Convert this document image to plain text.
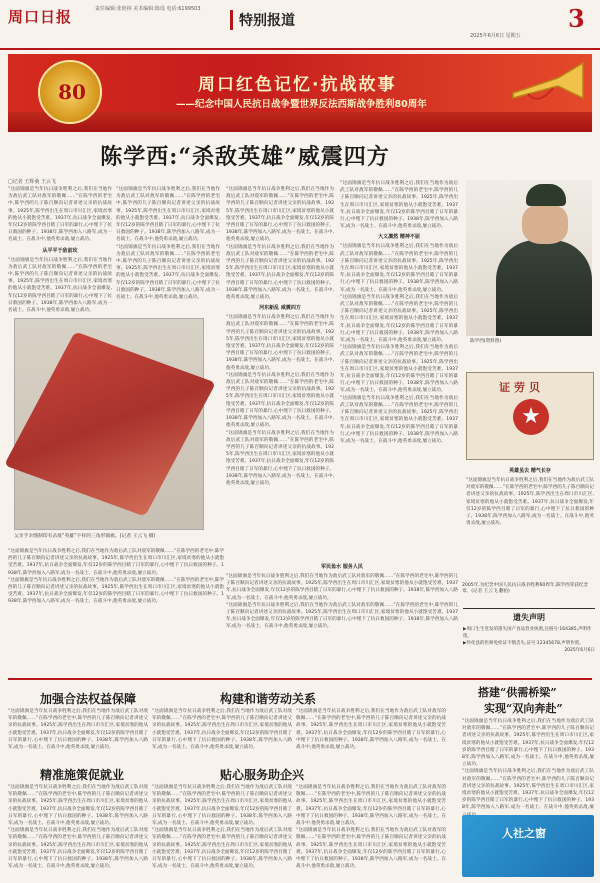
周口日报	责任编辑:张艳林 美术编辑:陈瑶 电话:6199503
特别报道
2025年6月6日 星期五
3
80	周口红色记忆·抗战故事
——纪念中国人民抗日战争暨世界反法西斯战争胜利80周年
陈学西:“杀敌英雄”威震四方
□记者 王辉桑 王云飞
“这面锦旗是当年抗日战争胜利之后,我们在当地作为敌后武工队对敌军的敬佩……”在陈学西的老宅中,陈学西的儿子陈百顺向记者讲述父亲的抗战故事。1925年,陈学西出生在周口市川汇区,家境贫寒的他从小就饱受苦难。1937年,抗日战争全面爆发,年仅12岁的陈学西目睹了日军的暴行,心中埋下了抗日救国的种子。1938年,陈学西加入八路军,成为一名战士。在战斗中,他英勇杀敌,屡立战功。
从平平于敌前玫
“这面锦旗是当年抗日战争胜利之后,我们在当地作为敌后武工队对敌军的敬佩……”在陈学西的老宅中,陈学西的儿子陈百顺向记者讲述父亲的抗战故事。1925年,陈学西出生在周口市川汇区,家境贫寒的他从小就饱受苦难。1937年,抗日战争全面爆发,年仅12岁的陈学西目睹了日军的暴行,心中埋下了抗日救国的种子。1938年,陈学西加入八路军,成为一名战士。在战斗中,他英勇杀敌,屡立战功。
“这面锦旗是当年抗日战争胜利之后,我们在当地作为敌后武工队对敌军的敬佩……”在陈学西的老宅中,陈学西的儿子陈百顺向记者讲述父亲的抗战故事。1925年,陈学西出生在周口市川汇区,家境贫寒的他从小就饱受苦难。1937年,抗日战争全面爆发,年仅12岁的陈学西目睹了日军的暴行,心中埋下了抗日救国的种子。1938年,陈学西加入八路军,成为一名战士。在战斗中,他英勇杀敌,屡立战功。
“这面锦旗是当年抗日战争胜利之后,我们在当地作为敌后武工队对敌军的敬佩……”在陈学西的老宅中,陈学西的儿子陈百顺向记者讲述父亲的抗战故事。1925年,陈学西出生在周口市川汇区,家境贫寒的他从小就饱受苦难。1937年,抗日战争全面爆发,年仅12岁的陈学西目睹了日军的暴行,心中埋下了抗日救国的种子。1938年,陈学西加入八路军,成为一名战士。在战斗中,他英勇杀敌,屡立战功。
“这面锦旗是当年抗日战争胜利之后,我们在当地作为敌后武工队对敌军的敬佩……”在陈学西的老宅中,陈学西的儿子陈百顺向记者讲述父亲的抗战故事。1925年,陈学西出生在周口市川汇区,家境贫寒的他从小就饱受苦难。1937年,抗日战争全面爆发,年仅12岁的陈学西目睹了日军的暴行,心中埋下了抗日救国的种子。1938年,陈学西加入八路军,成为一名战士。在战斗中,他英勇杀敌,屡立战功。
“这面锦旗是当年抗日战争胜利之后,我们在当地作为敌后武工队对敌军的敬佩……”在陈学西的老宅中,陈学西的儿子陈百顺向记者讲述父亲的抗战故事。1925年,陈学西出生在周口市川汇区,家境贫寒的他从小就饱受苦难。1937年,抗日战争全面爆发,年仅12岁的陈学西目睹了日军的暴行,心中埋下了抗日救国的种子。1938年,陈学西加入八路军,成为一名战士。在战斗中,他英勇杀敌,屡立战功。
河东新乱 威震四方
“这面锦旗是当年抗日战争胜利之后,我们在当地作为敌后武工队对敌军的敬佩……”在陈学西的老宅中,陈学西的儿子陈百顺向记者讲述父亲的抗战故事。1925年,陈学西出生在周口市川汇区,家境贫寒的他从小就饱受苦难。1937年,抗日战争全面爆发,年仅12岁的陈学西目睹了日军的暴行,心中埋下了抗日救国的种子。1938年,陈学西加入八路军,成为一名战士。在战斗中,他英勇杀敌,屡立战功。
“这面锦旗是当年抗日战争胜利之后,我们在当地作为敌后武工队对敌军的敬佩……”在陈学西的老宅中,陈学西的儿子陈百顺向记者讲述父亲的抗战故事。1925年,陈学西出生在周口市川汇区,家境贫寒的他从小就饱受苦难。1937年,抗日战争全面爆发,年仅12岁的陈学西目睹了日军的暴行,心中埋下了抗日救国的种子。1938年,陈学西加入八路军,成为一名战士。在战斗中,他英勇杀敌,屡立战功。
“这面锦旗是当年抗日战争胜利之后,我们在当地作为敌后武工队对敌军的敬佩……”在陈学西的老宅中,陈学西的儿子陈百顺向记者讲述父亲的抗战故事。1925年,陈学西出生在周口市川汇区,家境贫寒的他从小就饱受苦难。1937年,抗日战争全面爆发,年仅12岁的陈学西目睹了日军的暴行,心中埋下了抗日救国的种子。1938年,陈学西加入八路军,成为一名战士。在战斗中,他英勇杀敌,屡立战功。
“这面锦旗是当年抗日战争胜利之后,我们在当地作为敌后武工队对敌军的敬佩……”在陈学西的老宅中,陈学西的儿子陈百顺向记者讲述父亲的抗战故事。1925年,陈学西出生在周口市川汇区,家境贫寒的他从小就饱受苦难。1937年,抗日战争全面爆发,年仅12岁的陈学西目睹了日军的暴行,心中埋下了抗日救国的种子。1938年,陈学西加入八路军,成为一名战士。在战斗中,他英勇杀敌,屡立战功。
大义凛然 精神不屈
“这面锦旗是当年抗日战争胜利之后,我们在当地作为敌后武工队对敌军的敬佩……”在陈学西的老宅中,陈学西的儿子陈百顺向记者讲述父亲的抗战故事。1925年,陈学西出生在周口市川汇区,家境贫寒的他从小就饱受苦难。1937年,抗日战争全面爆发,年仅12岁的陈学西目睹了日军的暴行,心中埋下了抗日救国的种子。1938年,陈学西加入八路军,成为一名战士。在战斗中,他英勇杀敌,屡立战功。
“这面锦旗是当年抗日战争胜利之后,我们在当地作为敌后武工队对敌军的敬佩……”在陈学西的老宅中,陈学西的儿子陈百顺向记者讲述父亲的抗战故事。1925年,陈学西出生在周口市川汇区,家境贫寒的他从小就饱受苦难。1937年,抗日战争全面爆发,年仅12岁的陈学西目睹了日军的暴行,心中埋下了抗日救国的种子。1938年,陈学西加入八路军,成为一名战士。在战斗中,他英勇杀敌,屡立战功。
“这面锦旗是当年抗日战争胜利之后,我们在当地作为敌后武工队对敌军的敬佩……”在陈学西的老宅中,陈学西的儿子陈百顺向记者讲述父亲的抗战故事。1925年,陈学西出生在周口市川汇区,家境贫寒的他从小就饱受苦难。1937年,抗日战争全面爆发,年仅12岁的陈学西目睹了日军的暴行,心中埋下了抗日救国的种子。1938年,陈学西加入八路军,成为一名战士。在战斗中,他英勇杀敌,屡立战功。
“这面锦旗是当年抗日战争胜利之后,我们在当地作为敌后武工队对敌军的敬佩……”在陈学西的老宅中,陈学西的儿子陈百顺向记者讲述父亲的抗战故事。1925年,陈学西出生在周口市川汇区,家境贫寒的他从小就饱受苦难。1937年,抗日战争全面爆发,年仅12岁的陈学西目睹了日军的暴行,心中埋下了抗日救国的种子。1938年,陈学西加入八路军,成为一名战士。在战斗中,他英勇杀敌,屡立战功。
英雄虽去 精气长存
“这面锦旗是当年抗日战争胜利之后,我们在当地作为敌后武工队对敌军的敬佩……”在陈学西的老宅中,陈学西的儿子陈百顺向记者讲述父亲的抗战故事。1925年,陈学西出生在周口市川汇区,家境贫寒的他从小就饱受苦难。1937年,抗日战争全面爆发,年仅12岁的陈学西目睹了日军的暴行,心中埋下了抗日救国的种子。1938年,陈学西加入八路军,成为一名战士。在战斗中,他英勇杀敌,屡立战功。
父亲手亲缝制印有杀敌“英雄”字样的三角形锦旗。(记者 王云飞 摄)
陈学西(资料图)
证劳贝
★
2005年,为纪念中国人民抗日战争胜利60周年,陈学西荣获纪念章。(记者 王云飞 翻拍)
“这面锦旗是当年抗日战争胜利之后,我们在当地作为敌后武工队对敌军的敬佩……”在陈学西的老宅中,陈学西的儿子陈百顺向记者讲述父亲的抗战故事。1925年,陈学西出生在周口市川汇区,家境贫寒的他从小就饱受苦难。1937年,抗日战争全面爆发,年仅12岁的陈学西目睹了日军的暴行,心中埋下了抗日救国的种子。1938年,陈学西加入八路军,成为一名战士。在战斗中,他英勇杀敌,屡立战功。
“这面锦旗是当年抗日战争胜利之后,我们在当地作为敌后武工队对敌军的敬佩……”在陈学西的老宅中,陈学西的儿子陈百顺向记者讲述父亲的抗战故事。1925年,陈学西出生在周口市川汇区,家境贫寒的他从小就饱受苦难。1937年,抗日战争全面爆发,年仅12岁的陈学西目睹了日军的暴行,心中埋下了抗日救国的种子。1938年,陈学西加入八路军,成为一名战士。在战斗中,他英勇杀敌,屡立战功。
军民鱼水 服务人民
“这面锦旗是当年抗日战争胜利之后,我们在当地作为敌后武工队对敌军的敬佩……”在陈学西的老宅中,陈学西的儿子陈百顺向记者讲述父亲的抗战故事。1925年,陈学西出生在周口市川汇区,家境贫寒的他从小就饱受苦难。1937年,抗日战争全面爆发,年仅12岁的陈学西目睹了日军的暴行,心中埋下了抗日救国的种子。1938年,陈学西加入八路军,成为一名战士。在战斗中,他英勇杀敌,屡立战功。
“这面锦旗是当年抗日战争胜利之后,我们在当地作为敌后武工队对敌军的敬佩……”在陈学西的老宅中,陈学西的儿子陈百顺向记者讲述父亲的抗战故事。1925年,陈学西出生在周口市川汇区,家境贫寒的他从小就饱受苦难。1937年,抗日战争全面爆发,年仅12岁的陈学西目睹了日军的暴行,心中埋下了抗日救国的种子。1938年,陈学西加入八路军,成为一名战士。在战斗中,他英勇杀敌,屡立战功。
遗失声明

▶周口生生堂发的遗失国产食品营业执照,注册号:164385,声明作废。

▶怀化县的医师免检证不慎丢失,证号:12345678,声明作废。

2025年6月6日

加强合法权益保障	构建和谐劳动关系	搭建“供需桥梁”
实现“双向奔赴”
“这面锦旗是当年抗日战争胜利之后,我们在当地作为敌后武工队对敌军的敬佩……”在陈学西的老宅中,陈学西的儿子陈百顺向记者讲述父亲的抗战故事。1925年,陈学西出生在周口市川汇区,家境贫寒的他从小就饱受苦难。1937年,抗日战争全面爆发,年仅12岁的陈学西目睹了日军的暴行,心中埋下了抗日救国的种子。1938年,陈学西加入八路军,成为一名战士。在战斗中,他英勇杀敌,屡立战功。
“这面锦旗是当年抗日战争胜利之后,我们在当地作为敌后武工队对敌军的敬佩……”在陈学西的老宅中,陈学西的儿子陈百顺向记者讲述父亲的抗战故事。1925年,陈学西出生在周口市川汇区,家境贫寒的他从小就饱受苦难。1937年,抗日战争全面爆发,年仅12岁的陈学西目睹了日军的暴行,心中埋下了抗日救国的种子。1938年,陈学西加入八路军,成为一名战士。在战斗中,他英勇杀敌,屡立战功。
“这面锦旗是当年抗日战争胜利之后,我们在当地作为敌后武工队对敌军的敬佩……”在陈学西的老宅中,陈学西的儿子陈百顺向记者讲述父亲的抗战故事。1925年,陈学西出生在周口市川汇区,家境贫寒的他从小就饱受苦难。1937年,抗日战争全面爆发,年仅12岁的陈学西目睹了日军的暴行,心中埋下了抗日救国的种子。1938年,陈学西加入八路军,成为一名战士。在战斗中,他英勇杀敌,屡立战功。
精准施策促就业	贴心服务助企兴
“这面锦旗是当年抗日战争胜利之后,我们在当地作为敌后武工队对敌军的敬佩……”在陈学西的老宅中,陈学西的儿子陈百顺向记者讲述父亲的抗战故事。1925年,陈学西出生在周口市川汇区,家境贫寒的他从小就饱受苦难。1937年,抗日战争全面爆发,年仅12岁的陈学西目睹了日军的暴行,心中埋下了抗日救国的种子。1938年,陈学西加入八路军,成为一名战士。在战斗中,他英勇杀敌,屡立战功。
“这面锦旗是当年抗日战争胜利之后,我们在当地作为敌后武工队对敌军的敬佩……”在陈学西的老宅中,陈学西的儿子陈百顺向记者讲述父亲的抗战故事。1925年,陈学西出生在周口市川汇区,家境贫寒的他从小就饱受苦难。1937年,抗日战争全面爆发,年仅12岁的陈学西目睹了日军的暴行,心中埋下了抗日救国的种子。1938年,陈学西加入八路军,成为一名战士。在战斗中,他英勇杀敌,屡立战功。
“这面锦旗是当年抗日战争胜利之后,我们在当地作为敌后武工队对敌军的敬佩……”在陈学西的老宅中,陈学西的儿子陈百顺向记者讲述父亲的抗战故事。1925年,陈学西出生在周口市川汇区,家境贫寒的他从小就饱受苦难。1937年,抗日战争全面爆发,年仅12岁的陈学西目睹了日军的暴行,心中埋下了抗日救国的种子。1938年,陈学西加入八路军,成为一名战士。在战斗中,他英勇杀敌,屡立战功。
“这面锦旗是当年抗日战争胜利之后,我们在当地作为敌后武工队对敌军的敬佩……”在陈学西的老宅中,陈学西的儿子陈百顺向记者讲述父亲的抗战故事。1925年,陈学西出生在周口市川汇区,家境贫寒的他从小就饱受苦难。1937年,抗日战争全面爆发,年仅12岁的陈学西目睹了日军的暴行,心中埋下了抗日救国的种子。1938年,陈学西加入八路军,成为一名战士。在战斗中,他英勇杀敌,屡立战功。
“这面锦旗是当年抗日战争胜利之后,我们在当地作为敌后武工队对敌军的敬佩……”在陈学西的老宅中,陈学西的儿子陈百顺向记者讲述父亲的抗战故事。1925年,陈学西出生在周口市川汇区,家境贫寒的他从小就饱受苦难。1937年,抗日战争全面爆发,年仅12岁的陈学西目睹了日军的暴行,心中埋下了抗日救国的种子。1938年,陈学西加入八路军,成为一名战士。在战斗中,他英勇杀敌,屡立战功。
“这面锦旗是当年抗日战争胜利之后,我们在当地作为敌后武工队对敌军的敬佩……”在陈学西的老宅中,陈学西的儿子陈百顺向记者讲述父亲的抗战故事。1925年,陈学西出生在周口市川汇区,家境贫寒的他从小就饱受苦难。1937年,抗日战争全面爆发,年仅12岁的陈学西目睹了日军的暴行,心中埋下了抗日救国的种子。1938年,陈学西加入八路军,成为一名战士。在战斗中,他英勇杀敌,屡立战功。
“这面锦旗是当年抗日战争胜利之后,我们在当地作为敌后武工队对敌军的敬佩……”在陈学西的老宅中,陈学西的儿子陈百顺向记者讲述父亲的抗战故事。1925年,陈学西出生在周口市川汇区,家境贫寒的他从小就饱受苦难。1937年,抗日战争全面爆发,年仅12岁的陈学西目睹了日军的暴行,心中埋下了抗日救国的种子。1938年,陈学西加入八路军,成为一名战士。在战斗中,他英勇杀敌,屡立战功。
“这面锦旗是当年抗日战争胜利之后,我们在当地作为敌后武工队对敌军的敬佩……”在陈学西的老宅中,陈学西的儿子陈百顺向记者讲述父亲的抗战故事。1925年,陈学西出生在周口市川汇区,家境贫寒的他从小就饱受苦难。1937年,抗日战争全面爆发,年仅12岁的陈学西目睹了日军的暴行,心中埋下了抗日救国的种子。1938年,陈学西加入八路军,成为一名战士。在战斗中,他英勇杀敌,屡
人社之窗
